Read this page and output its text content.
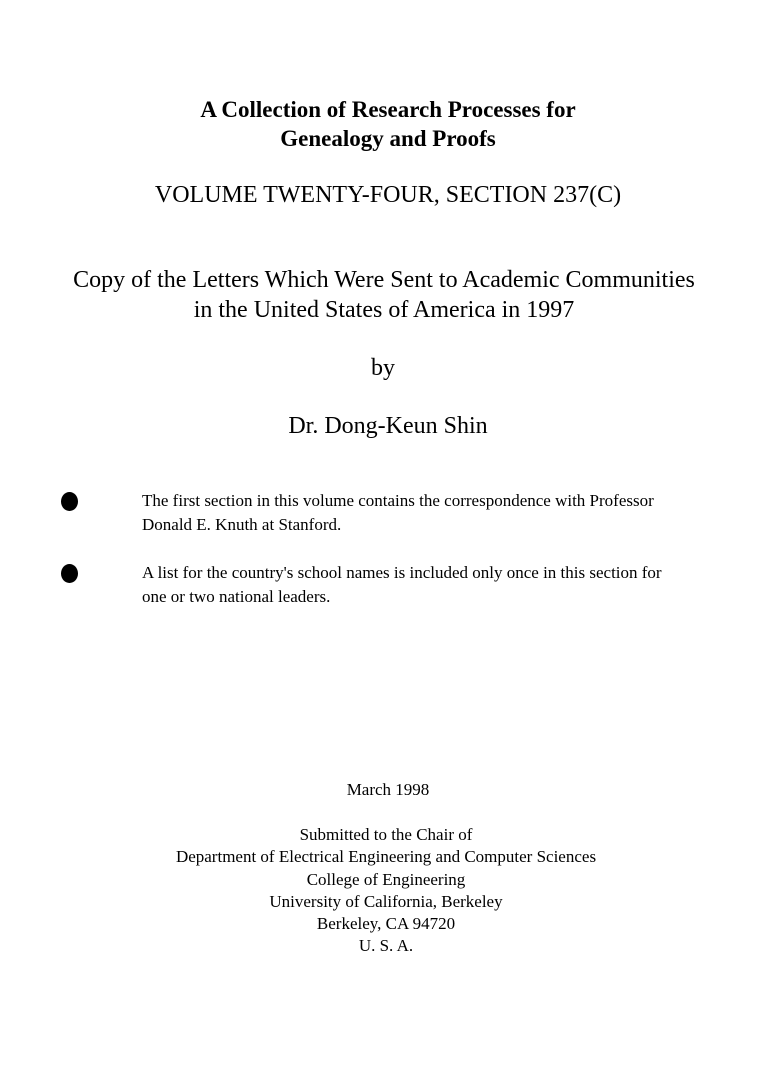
A Collection of Research Processes for
Genealogy and Proofs
VOLUME TWENTY-FOUR, SECTION 237(C)
Copy of the Letters Which Were Sent to Academic Communities
in the United States of America in 1997
by
Dr. Dong-Keun Shin
The first section in this volume contains the correspondence with Professor
Donald E. Knuth at Stanford.
A list for the country's school names is included only once in this section for
one or two national leaders.
March 1998
Submitted to the Chair of
Department of Electrical Engineering and Computer Sciences
College of Engineering
University of California, Berkeley
Berkeley, CA 94720
U. S. A.
